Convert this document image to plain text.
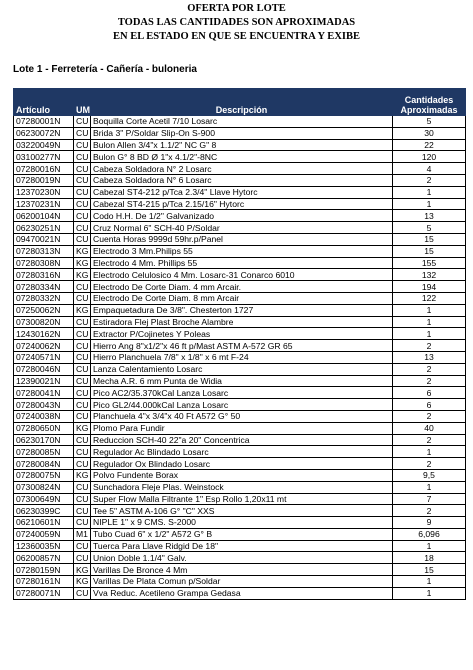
OFERTA POR LOTE
TODAS LAS CANTIDADES SON APROXIMADAS
EN EL ESTADO EN QUE SE ENCUENTRA Y EXIBE
Lote 1 - Ferretería - Cañería - buloneria
Artículo	UM	Descripción	Cantidades
Aproximadas
07280001N	CU	Boquilla Corte Acetil 7/10 Losarc	5
06230072N	CU	Brida 3" P/Soldar Slip-On S-900	30
03220049N	CU	Bulon Allen 3/4"x 1.1/2" NC G" 8	22
03100277N	CU	Bulon G° 8 BD Ø 1"x 4.1/2"-8NC	120
07280016N	CU	Cabeza Soldadora N° 2 Losarc	4
07280019N	CU	Cabeza Soldadora N° 6 Losarc	2
12370230N	CU	Cabezal ST4-212 p/Tca 2.3/4" Llave Hytorc	1
12370231N	CU	Cabezal ST4-215 p/Tca 2.15/16" Hytorc	1
06200104N	CU	Codo H.H. De 1/2" Galvanizado	13
06230251N	CU	Cruz Normal 6" SCH-40 P/Soldar	5
09470021N	CU	Cuenta Horas 9999d 59hr.p/Panel	15
07280313N	KG	Electrodo 3 Mm.Philips 55	15
07280308N	KG	Electrodo 4 Mm. Phillips 55	155
07280316N	KG	Electrodo Celulosico 4 Mm. Losarc-31 Conarco 6010	132
07280334N	CU	Electrodo De Corte Diam. 4 mm Arcair.	194
07280332N	CU	Electrodo De Corte Diam. 8 mm Arcair	122
07250062N	KG	Empaquetadura De 3/8". Chesterton 1727	1
07300820N	CU	Estiradora Flej Plast Broche Alambre	1
12430162N	CU	Extractor P/Cojinetes Y Poleas	1
07240062N	CU	Hierro Ang 8"x1/2"x 46 ft p/Mast ASTM A-572 GR 65	2
07240571N	CU	Hierro Planchuela 7/8" x 1/8" x 6 mt F-24	13
07280046N	CU	Lanza Calentamiento Losarc	2
12390021N	CU	Mecha A.R. 6 mm Punta de Widia	2
07280041N	CU	Pico AC2/35.370kCal Lanza Losarc	6
07280043N	CU	Pico GL2/44.000kCal Lanza Losarc	6
07240038N	CU	Planchuela 4"x 3/4"x 40 Ft A572 G° 50	2
07280650N	KG	Plomo Para Fundir	40
06230170N	CU	Reduccion SCH-40 22"a 20" Concentrica	2
07280085N	CU	Regulador Ac Blindado Losarc	1
07280084N	CU	Regulador Ox Blindado Losarc	2
07280075N	KG	Polvo Fundente Borax	9,5
07300824N	CU	Sunchadora Fleje Plas. Weinstock	1
07300649N	CU	Super Flow Malla Filtrante 1" Esp Rollo 1,20x11 mt	7
06230399C	CU	Tee 5" ASTM A-106 G° "C" XXS	2
06210601N	CU	NIPLE 1" x 9 CMS. S-2000	9
07240059N	M1	Tubo Cuad 6" x 1/2" A572 G° B	6,096
12360035N	CU	Tuerca Para Llave Ridgid De 18"	1
06200857N	CU	Union Doble 1.1/4" Galv.	18
07280159N	KG	Varillas De Bronce 4 Mm	15
07280161N	KG	Varillas De Plata Comun p/Soldar	1
07280071N	CU	Vva Reduc. Acetileno Grampa Gedasa	1
